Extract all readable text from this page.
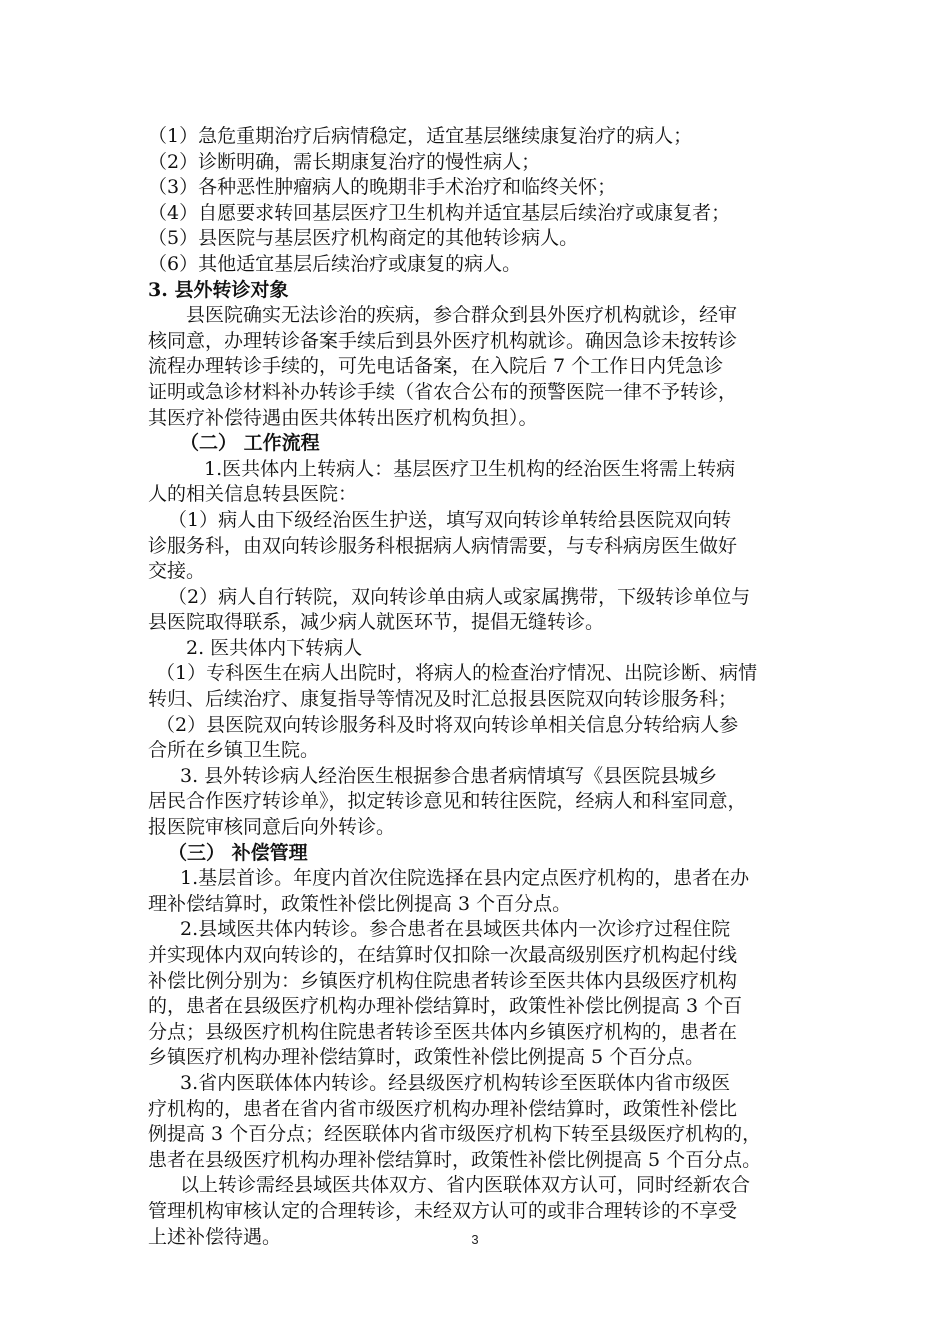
（1）急危重期治疗后病情稳定，适宜基层继续康复治疗的病人；
（2）诊断明确，需长期康复治疗的慢性病人；
（3）各种恶性肿瘤病人的晚期非手术治疗和临终关怀；
（4）自愿要求转回基层医疗卫生机构并适宜基层后续治疗或康复者；
（5）县医院与基层医疗机构商定的其他转诊病人。
（6）其他适宜基层后续治疗或康复的病人。
3. 县外转诊对象
县医院确实无法诊治的疾病，参合群众到县外医疗机构就诊，经审
核同意，办理转诊备案手续后到县外医疗机构就诊。确因急诊未按转诊
流程办理转诊手续的，可先电话备案，在入院后 7 个工作日内凭急诊
证明或急诊材料补办转诊手续（省农合公布的预警医院一律不予转诊，
其医疗补偿待遇由医共体转出医疗机构负担）。
（二） 工作流程
1.医共体内上转病人：基层医疗卫生机构的经治医生将需上转病
人的相关信息转县医院：
（1）病人由下级经治医生护送，填写双向转诊单转给县医院双向转
诊服务科，由双向转诊服务科根据病人病情需要，与专科病房医生做好
交接。
（2）病人自行转院，双向转诊单由病人或家属携带，下级转诊单位与
县医院取得联系，减少病人就医环节，提倡无缝转诊。
2. 医共体内下转病人
（1）专科医生在病人出院时，将病人的检查治疗情况、出院诊断、病情
转归、后续治疗、康复指导等情况及时汇总报县医院双向转诊服务科；
（2）县医院双向转诊服务科及时将双向转诊单相关信息分转给病人参
合所在乡镇卫生院。
3. 县外转诊病人经治医生根据参合患者病情填写《县医院县城乡
居民合作医疗转诊单》，拟定转诊意见和转往医院，经病人和科室同意，
报医院审核同意后向外转诊。
（三） 补偿管理
1.基层首诊。年度内首次住院选择在县内定点医疗机构的，患者在办
理补偿结算时，政策性补偿比例提高 3 个百分点。
2.县域医共体内转诊。参合患者在县域医共体内一次诊疗过程住院
并实现体内双向转诊的，在结算时仅扣除一次最高级别医疗机构起付线
补偿比例分别为：乡镇医疗机构住院患者转诊至医共体内县级医疗机构
的，患者在县级医疗机构办理补偿结算时，政策性补偿比例提高 3 个百
分点；县级医疗机构住院患者转诊至医共体内乡镇医疗机构的，患者在
乡镇医疗机构办理补偿结算时，政策性补偿比例提高 5 个百分点。
3.省内医联体体内转诊。经县级医疗机构转诊至医联体内省市级医
疗机构的，患者在省内省市级医疗机构办理补偿结算时，政策性补偿比
例提高 3 个百分点；经医联体内省市级医疗机构下转至县级医疗机构的，
患者在县级医疗机构办理补偿结算时，政策性补偿比例提高 5 个百分点。
以上转诊需经县域医共体双方、省内医联体双方认可，同时经新农合
管理机构审核认定的合理转诊，未经双方认可的或非合理转诊的不享受
上述补偿待遇。	3
